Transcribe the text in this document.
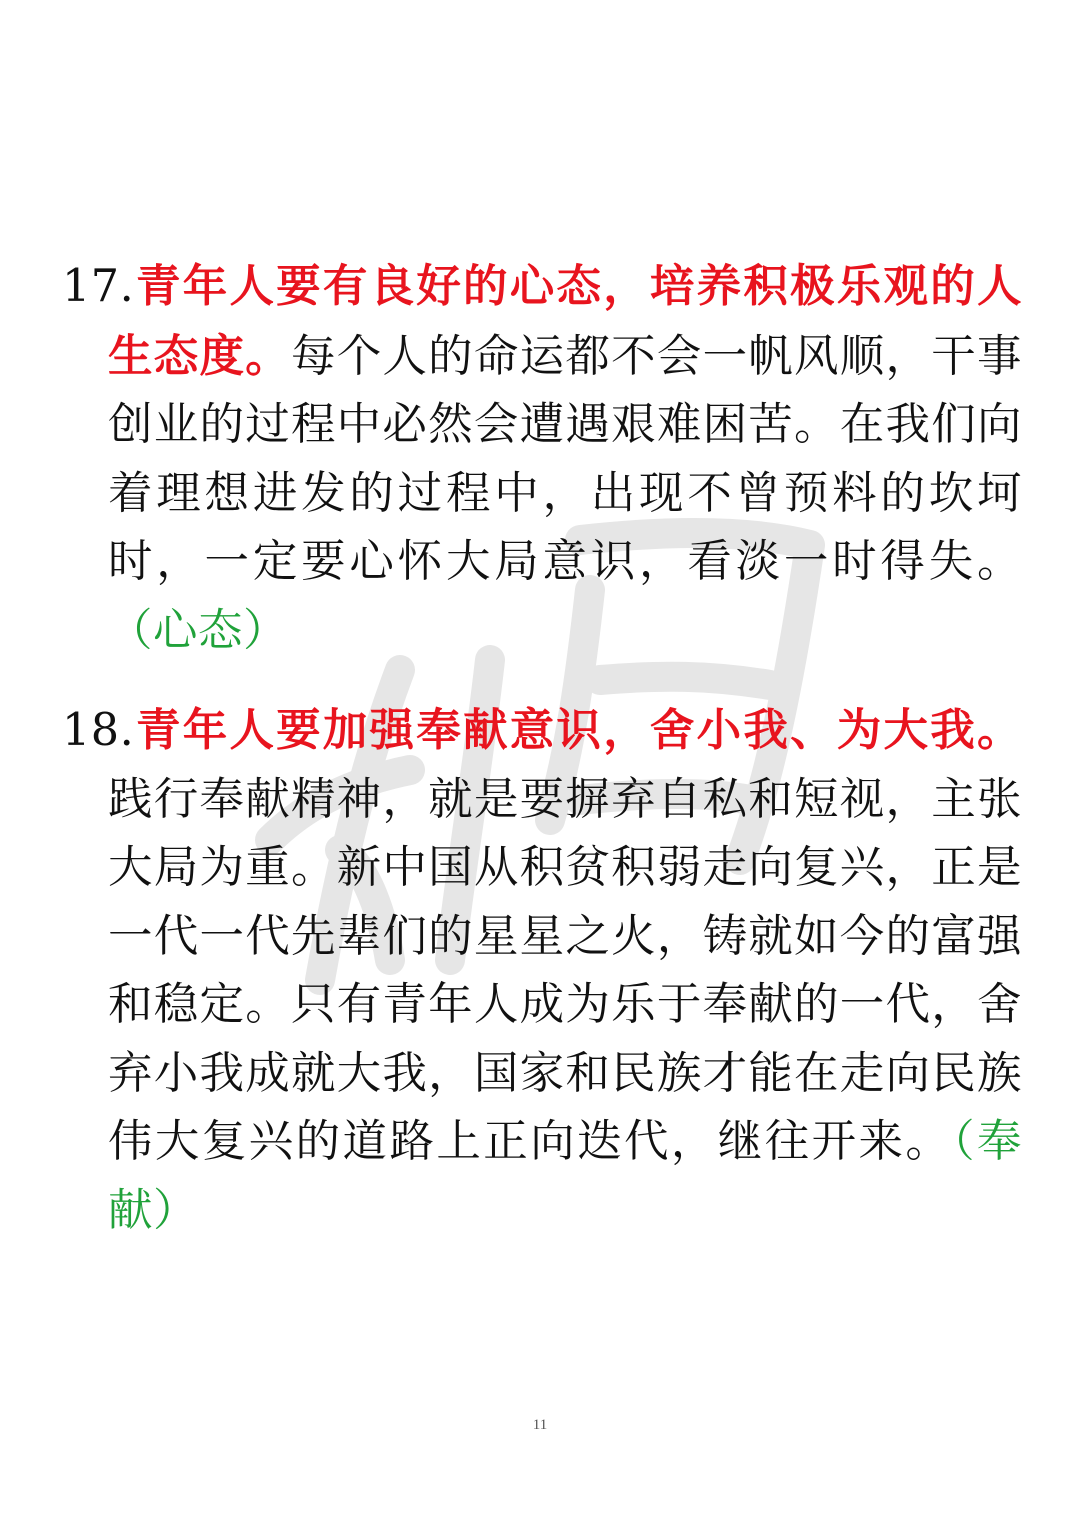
17.青年人要有良好的心态，培养积极乐观的人生态度。每个人的命运都不会一帆风顺，干事创业的过程中必然会遭遇艰难困苦。在我们向着理想进发的过程中，出现不曾预料的坎坷时，一定要心怀大局意识，看淡一时得失。（心态）

18.青年人要加强奉献意识，舍小我、为大我。践行奉献精神，就是要摒弃自私和短视，主张大局为重。新中国从积贫积弱走向复兴，正是一代一代先辈们的星星之火，铸就如今的富强和稳定。只有青年人成为乐于奉献的一代，舍弃小我成就大我，国家和民族才能在走向民族伟大复兴的道路上正向迭代，继往开来。（奉献）

11
